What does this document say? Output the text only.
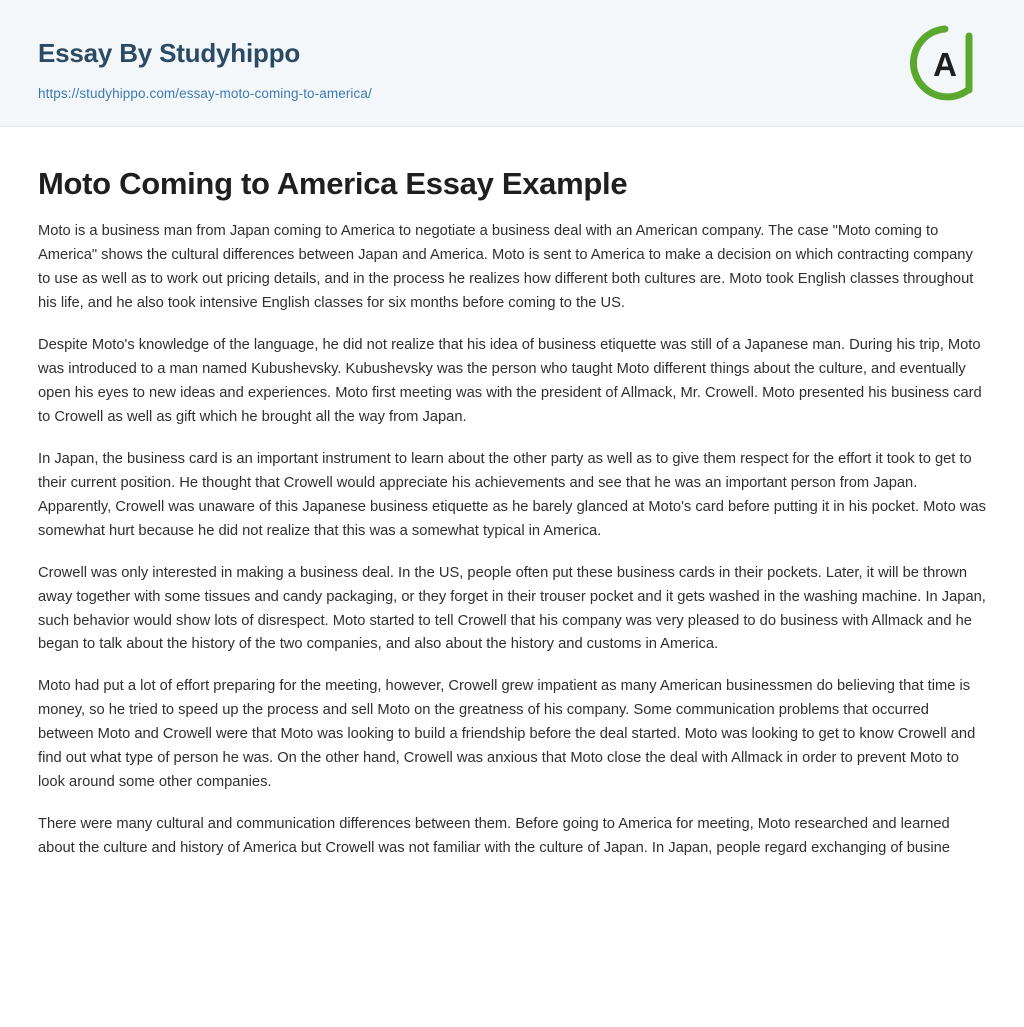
Essay By Studyhippo
https://studyhippo.com/essay-moto-coming-to-america/
A
Moto Coming to America Essay Example

Moto is a business man from Japan coming to America to negotiate a business deal with an American company. The case "Moto coming to America" shows the cultural differences between Japan and America. Moto is sent to America to make a decision on which contracting company to use as well as to work out pricing details, and in the process he realizes how different both cultures are. Moto took English classes throughout his life, and he also took intensive English classes for six months before coming to the US.

Despite Moto's knowledge of the language, he did not realize that his idea of business etiquette was still of a Japanese man. During his trip, Moto was introduced to a man named Kubushevsky. Kubushevsky was the person who taught Moto different things about the culture, and eventually open his eyes to new ideas and experiences. Moto first meeting was with the president of Allmack, Mr. Crowell. Moto presented his business card to Crowell as well as gift which he brought all the way from Japan.

In Japan, the business card is an important instrument to learn about the other party as well as to give them respect for the effort it took to get to their current position. He thought that Crowell would appreciate his achievements and see that he was an important person from Japan. Apparently, Crowell was unaware of this Japanese business etiquette as he barely glanced at Moto's card before putting it in his pocket. Moto was somewhat hurt because he did not realize that this was a somewhat typical in America.

Crowell was only interested in making a business deal. In the US, people often put these business cards in their pockets. Later, it will be thrown away together with some tissues and candy packaging, or they forget in their trouser pocket and it gets washed in the washing machine. In Japan, such behavior would show lots of disrespect. Moto started to tell Crowell that his company was very pleased to do business with Allmack and he began to talk about the history of the two companies, and also about the history and customs in America.

Moto had put a lot of effort preparing for the meeting, however, Crowell grew impatient as many American businessmen do believing that time is money, so he tried to speed up the process and sell Moto on the greatness of his company. Some communication problems that occurred between Moto and Crowell were that Moto was looking to build a friendship before the deal started. Moto was looking to get to know Crowell and find out what type of person he was. On the other hand, Crowell was anxious that Moto close the deal with Allmack in order to prevent Moto to look around some other companies.

There were many cultural and communication differences between them. Before going to America for meeting, Moto researched and learned about the culture and history of America but Crowell was not familiar with the culture of Japan. In Japan, people regard exchanging of busine
